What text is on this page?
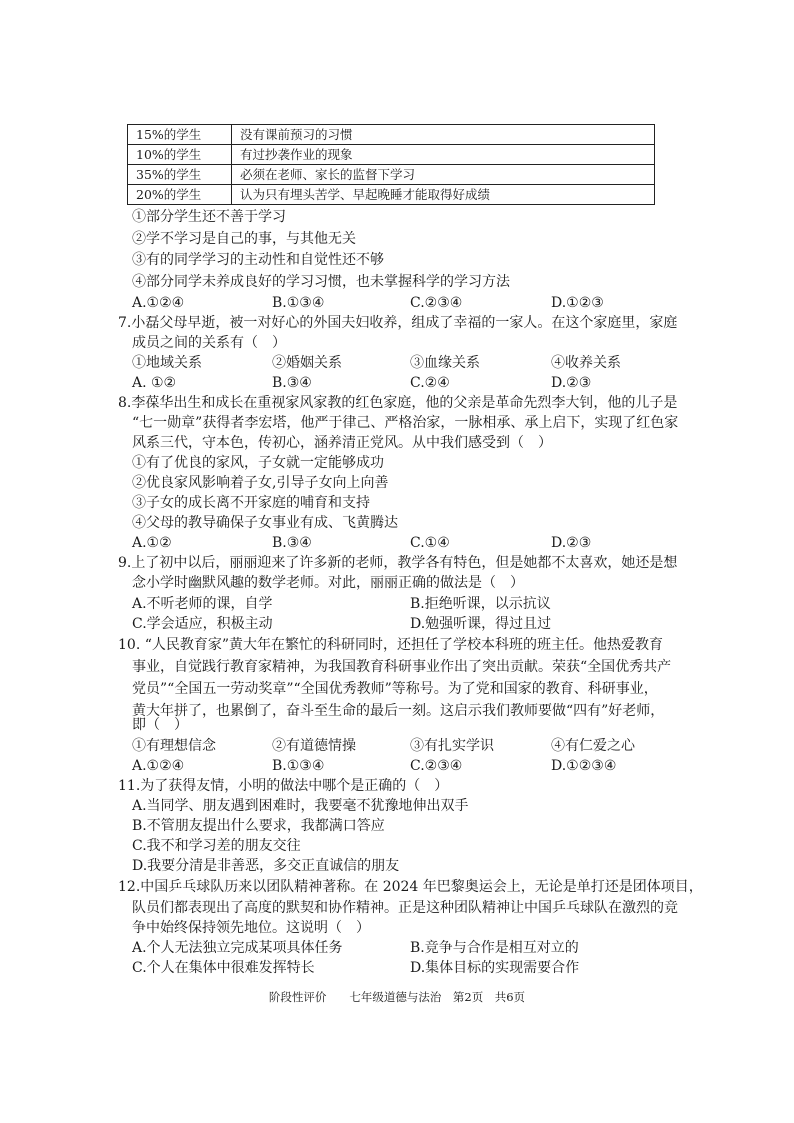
15%的学生	没有课前预习的习惯
10%的学生	有过抄袭作业的现象
35%的学生	必须在老师、家长的监督下学习
20%的学生	认为只有埋头苦学、早起晚睡才能取得好成绩
①部分学生还不善于学习
②学不学习是自己的事，与其他无关
③有的同学学习的主动性和自觉性还不够
④部分同学未养成良好的学习习惯，也未掌握科学的学习方法
A.①②④	B.①③④	C.②③④	D.①②③
7.小磊父母早逝，被一对好心的外国夫妇收养，组成了幸福的一家人。在这个家庭里，家庭
成员之间的关系有（　）
①地域关系	②婚姻关系	③血缘关系	④收养关系
A. ①②	B.③④	C.②④	D.②③
8.李葆华出生和成长在重视家风家教的红色家庭，他的父亲是革命先烈李大钊，他的儿子是
“七一勋章”获得者李宏塔，他严于律己、严格治家，一脉相承、承上启下，实现了红色家
风系三代，守本色，传初心，涵养清正党风。从中我们感受到（　）
①有了优良的家风，子女就一定能够成功
②优良家风影响着子女,引导子女向上向善
③子女的成长离不开家庭的哺育和支持
④父母的教导确保子女事业有成、飞黄腾达
A.①②	B.③④	C.①④	D.②③
9.上了初中以后，丽丽迎来了许多新的老师，教学各有特色，但是她都不太喜欢，她还是想
念小学时幽默风趣的数学老师。对此，丽丽正确的做法是（　）
A.不听老师的课，自学	B.拒绝听课，以示抗议
C.学会适应，积极主动	D.勉强听课，得过且过
10. “人民教育家”黄大年在繁忙的科研同时，还担任了学校本科班的班主任。他热爱教育
事业，自觉践行教育家精神，为我国教育科研事业作出了突出贡献。荣获“全国优秀共产
党员”“全国五一劳动奖章”“全国优秀教师”等称号。为了党和国家的教育、科研事业，
黄大年拼了，也累倒了，奋斗至生命的最后一刻。这启示我们教师要做“四有”好老师，
即（　）
①有理想信念	②有道德情操	③有扎实学识	④有仁爱之心
A.①②④	B.①③④	C.②③④	D.①②③④
11.为了获得友情，小明的做法中哪个是正确的（　）
A.当同学、朋友遇到困难时，我要毫不犹豫地伸出双手
B.不管朋友提出什么要求，我都满口答应
C.我不和学习差的朋友交往
D.我要分清是非善恶，多交正直诚信的朋友
12.中国乒乓球队历来以团队精神著称。在 2024 年巴黎奥运会上，无论是单打还是团体项目，
队员们都表现出了高度的默契和协作精神。正是这种团队精神让中国乒乓球队在激烈的竞
争中始终保持领先地位。这说明（　）
A.个人无法独立完成某项具体任务	B.竞争与合作是相互对立的
C.个人在集体中很难发挥特长	D.集体目标的实现需要合作
阶段性评价　　七年级道德与法治　第2页　共6页
